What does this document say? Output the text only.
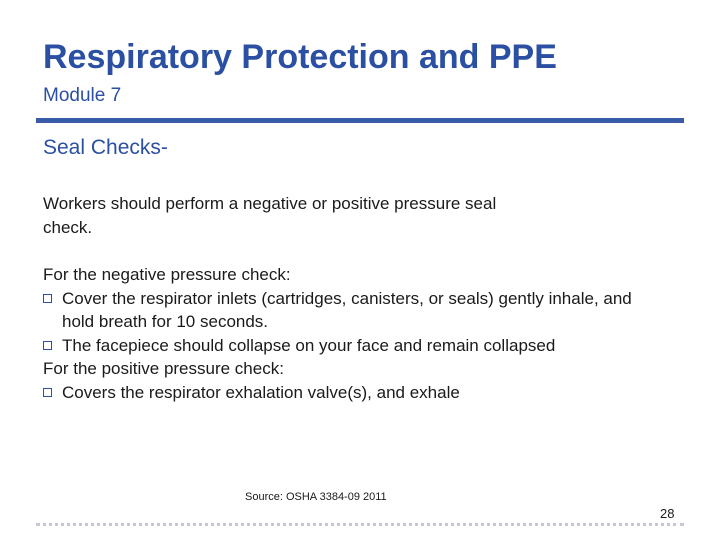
Respiratory Protection and PPE
Module 7
Seal Checks-
Workers should perform a negative or positive pressure seal
check.
For the negative pressure check:
Cover the respirator inlets (cartridges, canisters, or seals) gently inhale, and hold breath for 10 seconds.
The facepiece should collapse on your face and remain collapsed
For the positive pressure check:
Covers the respirator exhalation valve(s), and exhale
Source: OSHA 3384-09 2011
28
